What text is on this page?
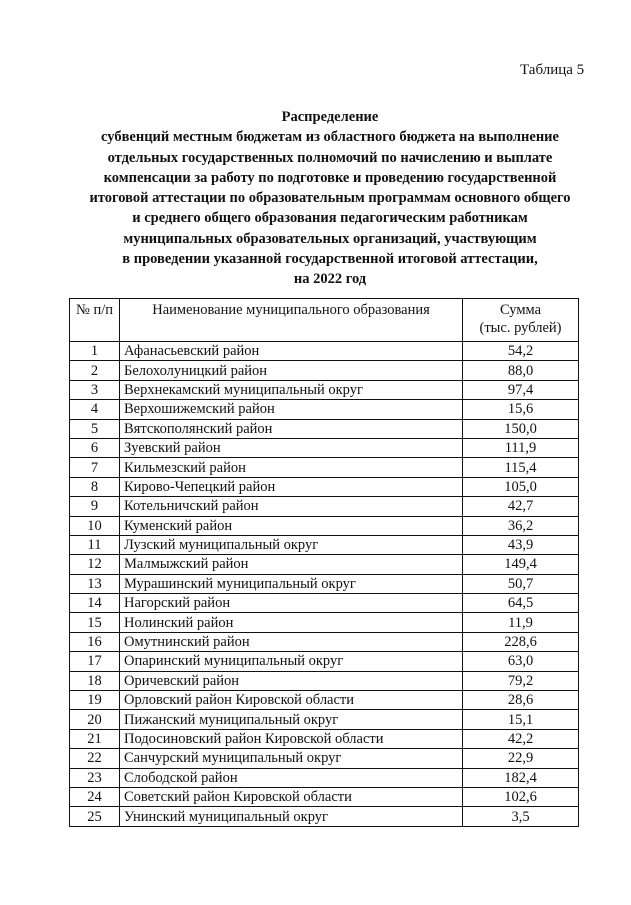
Таблица 5
Распределение
субвенций местным бюджетам из областного бюджета на выполнение
отдельных государственных полномочий по начислению и выплате
компенсации за работу по подготовке и проведению государственной
итоговой аттестации по образовательным программам основного общего
и среднего общего образования педагогическим работникам
муниципальных образовательных организаций, участвующим
в проведении указанной государственной итоговой аттестации,
на 2022 год
№ п/п	Наименование муниципального образования	Сумма
(тыс. рублей)

1	Афанасьевский район	54,2
2	Белохолуницкий район	88,0
3	Верхнекамский муниципальный округ	97,4
4	Верхошижемский район	15,6
5	Вятскополянский район	150,0
6	Зуевский район	111,9
7	Кильмезский район	115,4
8	Кирово-Чепецкий район	105,0
9	Котельничский район	42,7
10	Куменский район	36,2
11	Лузский муниципальный округ	43,9
12	Малмыжский район	149,4
13	Мурашинский муниципальный округ	50,7
14	Нагорский район	64,5
15	Нолинский район	11,9
16	Омутнинский район	228,6
17	Опаринский муниципальный округ	63,0
18	Оричевский район	79,2
19	Орловский район Кировской области	28,6
20	Пижанский муниципальный округ	15,1
21	Подосиновский район Кировской области	42,2
22	Санчурский муниципальный округ	22,9
23	Слободской район	182,4
24	Советский район Кировской области	102,6
25	Унинский муниципальный округ	3,5
